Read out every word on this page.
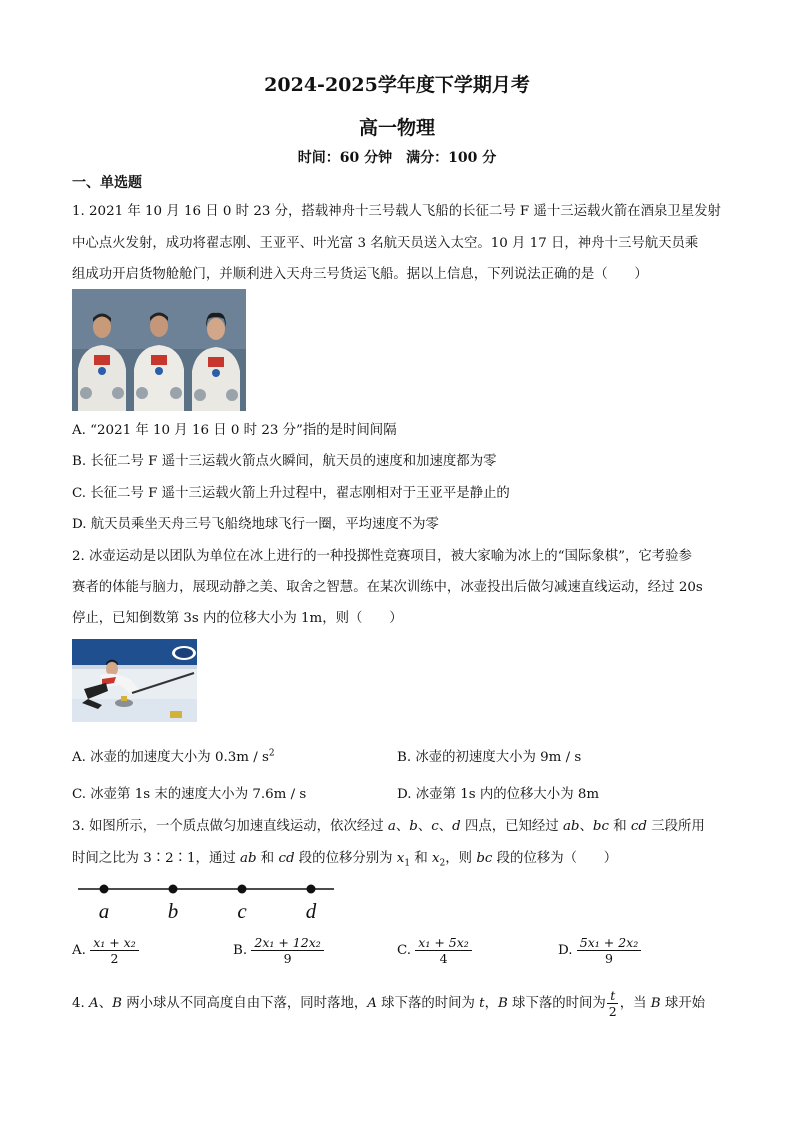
2024-2025学年度下学期月考
高一物理
时间：60 分钟　满分：100 分
一、单选题
1. 2021 年 10 月 16 日 0 时 23 分，搭载神舟十三号载人飞船的长征二号 F 遥十三运载火箭在酒泉卫星发射
中心点火发射，成功将翟志刚、王亚平、叶光富 3 名航天员送入太空。10 月 17 日，神舟十三号航天员乘
组成功开启货物舱舱门，并顺利进入天舟三号货运飞船。据以上信息，下列说法正确的是（　　）
A. “2021 年 10 月 16 日 0 时 23 分”指的是时间间隔
B. 长征二号 F 遥十三运载火箭点火瞬间，航天员的速度和加速度都为零
C. 长征二号 F 遥十三运载火箭上升过程中，翟志刚相对于王亚平是静止的
D. 航天员乘坐天舟三号飞船绕地球飞行一圈，平均速度不为零
2. 冰壶运动是以团队为单位在冰上进行的一种投掷性竞赛项目，被大家喻为冰上的“国际象棋”，它考验参
赛者的体能与脑力，展现动静之美、取舍之智慧。在某次训练中，冰壶投出后做匀减速直线运动，经过 20s
停止，已知倒数第 3s 内的位移大小为 1m，则（　　）
A. 冰壶的加速度大小为 $0.3m / s^2$	B. 冰壶的初速度大小为 9m / s
C. 冰壶第 1s 末的速度大小为 7.6m / s	D. 冰壶第 1s 内的位移大小为 8m
3. 如图所示，一个质点做匀加速直线运动，依次经过 a、b、c、d 四点，已知经过 ab、bc 和 cd 三段所用
时间之比为 3∶2∶1，通过 ab 和 cd 段的位移分别为 $x_1$ 和 $x_2$，则 bc 段的位移为（　　）
a	b	c	d
A. $\frac{\text{x₁ + x₂}}{2}$	B. $\frac{\text{2x₁ + 12x₂}}{9}$	C. $\frac{\text{x₁ + 5x₂}}{4}$	D. $\frac{\text{5x₁ + 2x₂}}{9}$
4. A、B 两小球从不同高度自由下落，同时落地，A 球下落的时间为 t，B 球下落的时间为 $\frac{t}{2}$ ，当 B 球开始
